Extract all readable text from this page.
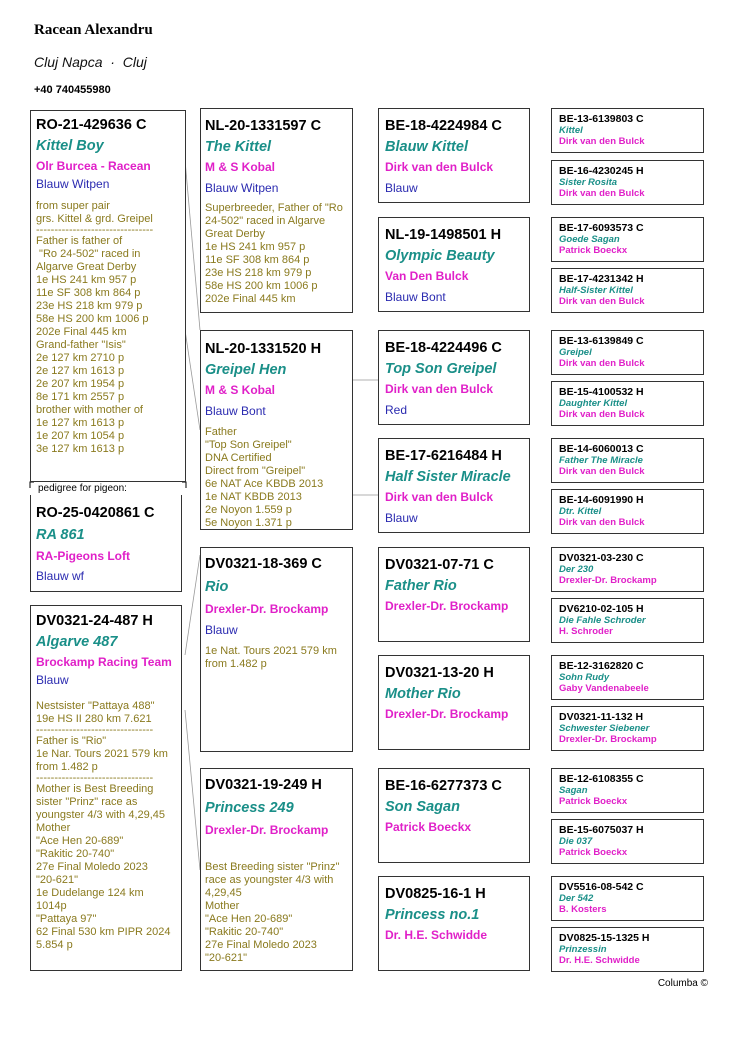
Racean Alexandru
Cluj Napca · Cluj
+40 740455980
RO-21-429636 C
Kittel Boy
Olr Burcea - Racean
Blauw Witpen
from super pair
grs. Kittel & grd. Greipel
--------------------------------
Father is father of
"Ro 24-502" raced in
Algarve Great Derby
1e HS 241 km 957 p
11e SF 308 km 864 p
23e HS 218 km 979 p
58e HS 200 km 1006 p
202e Final 445 km
Grand-father "Isis"
2e 127 km 2710 p
2e 127 km 1613 p
2e 207 km 1954 p
8e 171 km 2557 p
brother with mother of
1e 127 km 1613 p
1e 207 km 1054 p
3e 127 km 1613 p
pedigree for pigeon:
RO-25-0420861 C
RA 861
RA-Pigeons Loft
Blauw wf
DV0321-24-487 H
Algarve 487
Brockamp Racing Team
Blauw
Nestsister "Pattaya 488"
19e HS II 280 km 7.621
--------------------------------
Father is "Rio"
1e Nar. Tours 2021 579 km
from 1.482 p
--------------------------------
Mother is Best Breeding
sister "Prinz" race as
youngster 4/3 with 4,29,45
Mother
"Ace Hen 20-689"
"Rakitic 20-740"
27e Final Moledo 2023
"20-621"
1e Dudelange 124 km
1014p
"Pattaya 97"
62 Final 530 km PIPR 2024
5.854 p
NL-20-1331597 C
The Kittel
M & S Kobal
Blauw Witpen
Superbreeder, Father of "Ro
24-502" raced in Algarve
Great Derby
1e HS 241 km 957 p
11e SF 308 km 864 p
23e HS 218 km 979 p
58e HS 200 km 1006 p
202e Final 445 km
NL-20-1331520 H
Greipel Hen
M & S Kobal
Blauw Bont
Father
"Top Son Greipel"
DNA Certified
Direct from "Greipel"
6e NAT Ace KBDB 2013
1e NAT KBDB 2013
2e Noyon 1.559 p
5e Noyon 1.371 p
DV0321-18-369 C
Rio
Drexler-Dr. Brockamp
Blauw
1e Nat. Tours 2021 579 km
from 1.482 p
DV0321-19-249 H
Princess 249
Drexler-Dr. Brockamp
Best Breeding sister "Prinz"
race as youngster 4/3 with
4,29,45
Mother
"Ace Hen 20-689"
"Rakitic 20-740"
27e Final Moledo 2023
"20-621"
BE-18-4224984 C
Blauw Kittel
Dirk van den Bulck
Blauw
NL-19-1498501 H
Olympic Beauty
Van Den Bulck
Blauw Bont
BE-18-4224496 C
Top Son Greipel
Dirk van den Bulck
Red
BE-17-6216484 H
Half Sister Miracle
Dirk van den Bulck
Blauw
DV0321-07-71 C
Father Rio
Drexler-Dr. Brockamp
DV0321-13-20 H
Mother Rio
Drexler-Dr. Brockamp
BE-16-6277373 C
Son Sagan
Patrick Boeckx
DV0825-16-1 H
Princess no.1
Dr. H.E. Schwidde
BE-13-6139803 C
Kittel
Dirk van den Bulck
BE-16-4230245 H
Sister Rosita
Dirk van den Bulck
BE-17-6093573 C
Goede Sagan
Patrick Boeckx
BE-17-4231342 H
Half-Sister Kittel
Dirk van den Bulck
BE-13-6139849 C
Greipel
Dirk van den Bulck
BE-15-4100532 H
Daughter Kittel
Dirk van den Bulck
BE-14-6060013 C
Father The Miracle
Dirk van den Bulck
BE-14-6091990 H
Dtr. Kittel
Dirk van den Bulck
DV0321-03-230 C
Der 230
Drexler-Dr. Brockamp
DV6210-02-105 H
Die Fahle Schroder
H. Schroder
BE-12-3162820 C
Sohn Rudy
Gaby Vandenabeele
DV0321-11-132 H
Schwester Siebener
Drexler-Dr. Brockamp
BE-12-6108355 C
Sagan
Patrick Boeckx
BE-15-6075037 H
Die 037
Patrick Boeckx
DV5516-08-542 C
Der 542
B. Kosters
DV0825-15-1325 H
Prinzessin
Dr. H.E. Schwidde
Columba ©
